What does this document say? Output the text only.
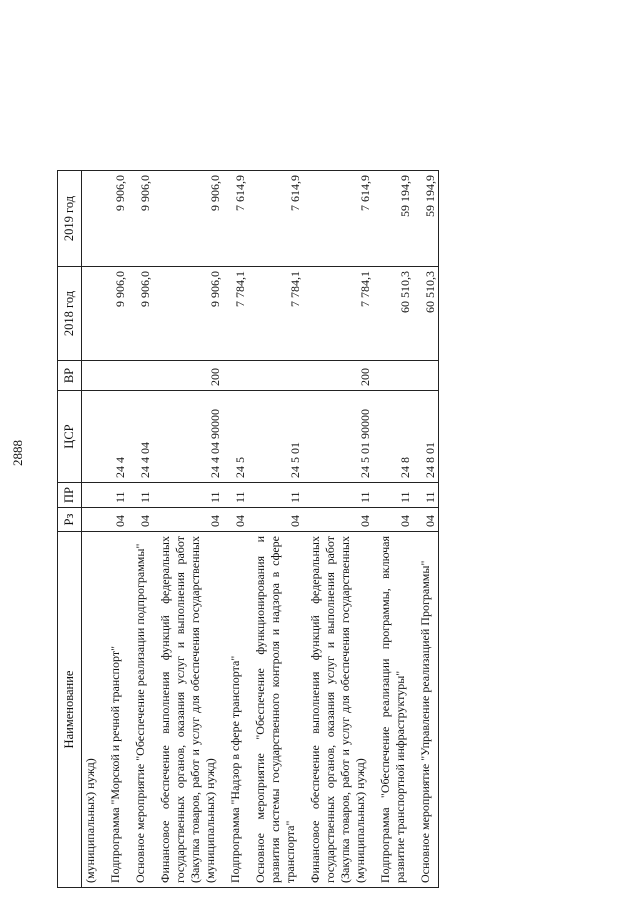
2888
Наименование	Рз	ПР	ЦСР	ВР	2018 год	2019 год
(муниципальных) нужд)						
Подпрограмма "Морской и речной транспорт"	04	11	24 4		9 906,0	9 906,0
Основное мероприятие "Обеспечение реализации подпрограммы"	04	11	24 4 04		9 906,0	9 906,0
Финансовое обеспечение выполнения функций федеральных государственных органов, оказания услуг и выполнения работ (Закупка товаров, работ и услуг для обеспечения государственных (муниципальных) нужд)	04	11	24 4 04 90000	200	9 906,0	9 906,0
Подпрограмма "Надзор в сфере транспорта"	04	11	24 5		7 784,1	7 614,9
Основное мероприятие "Обеспечение функционирования и развития системы государственного контроля и надзора в сфере транспорта"	04	11	24 5 01		7 784,1	7 614,9
Финансовое обеспечение выполнения функций федеральных государственных органов, оказания услуг и выполнения работ (Закупка товаров, работ и услуг для обеспечения государственных (муниципальных) нужд)	04	11	24 5 01 90000	200	7 784,1	7 614,9
Подпрограмма "Обеспечение реализации программы, включая развитие транспортной инфраструктуры"	04	11	24 8		60 510,3	59 194,9
Основное мероприятие "Управление реализацией Программы"	04	11	24 8 01		60 510,3	59 194,9
